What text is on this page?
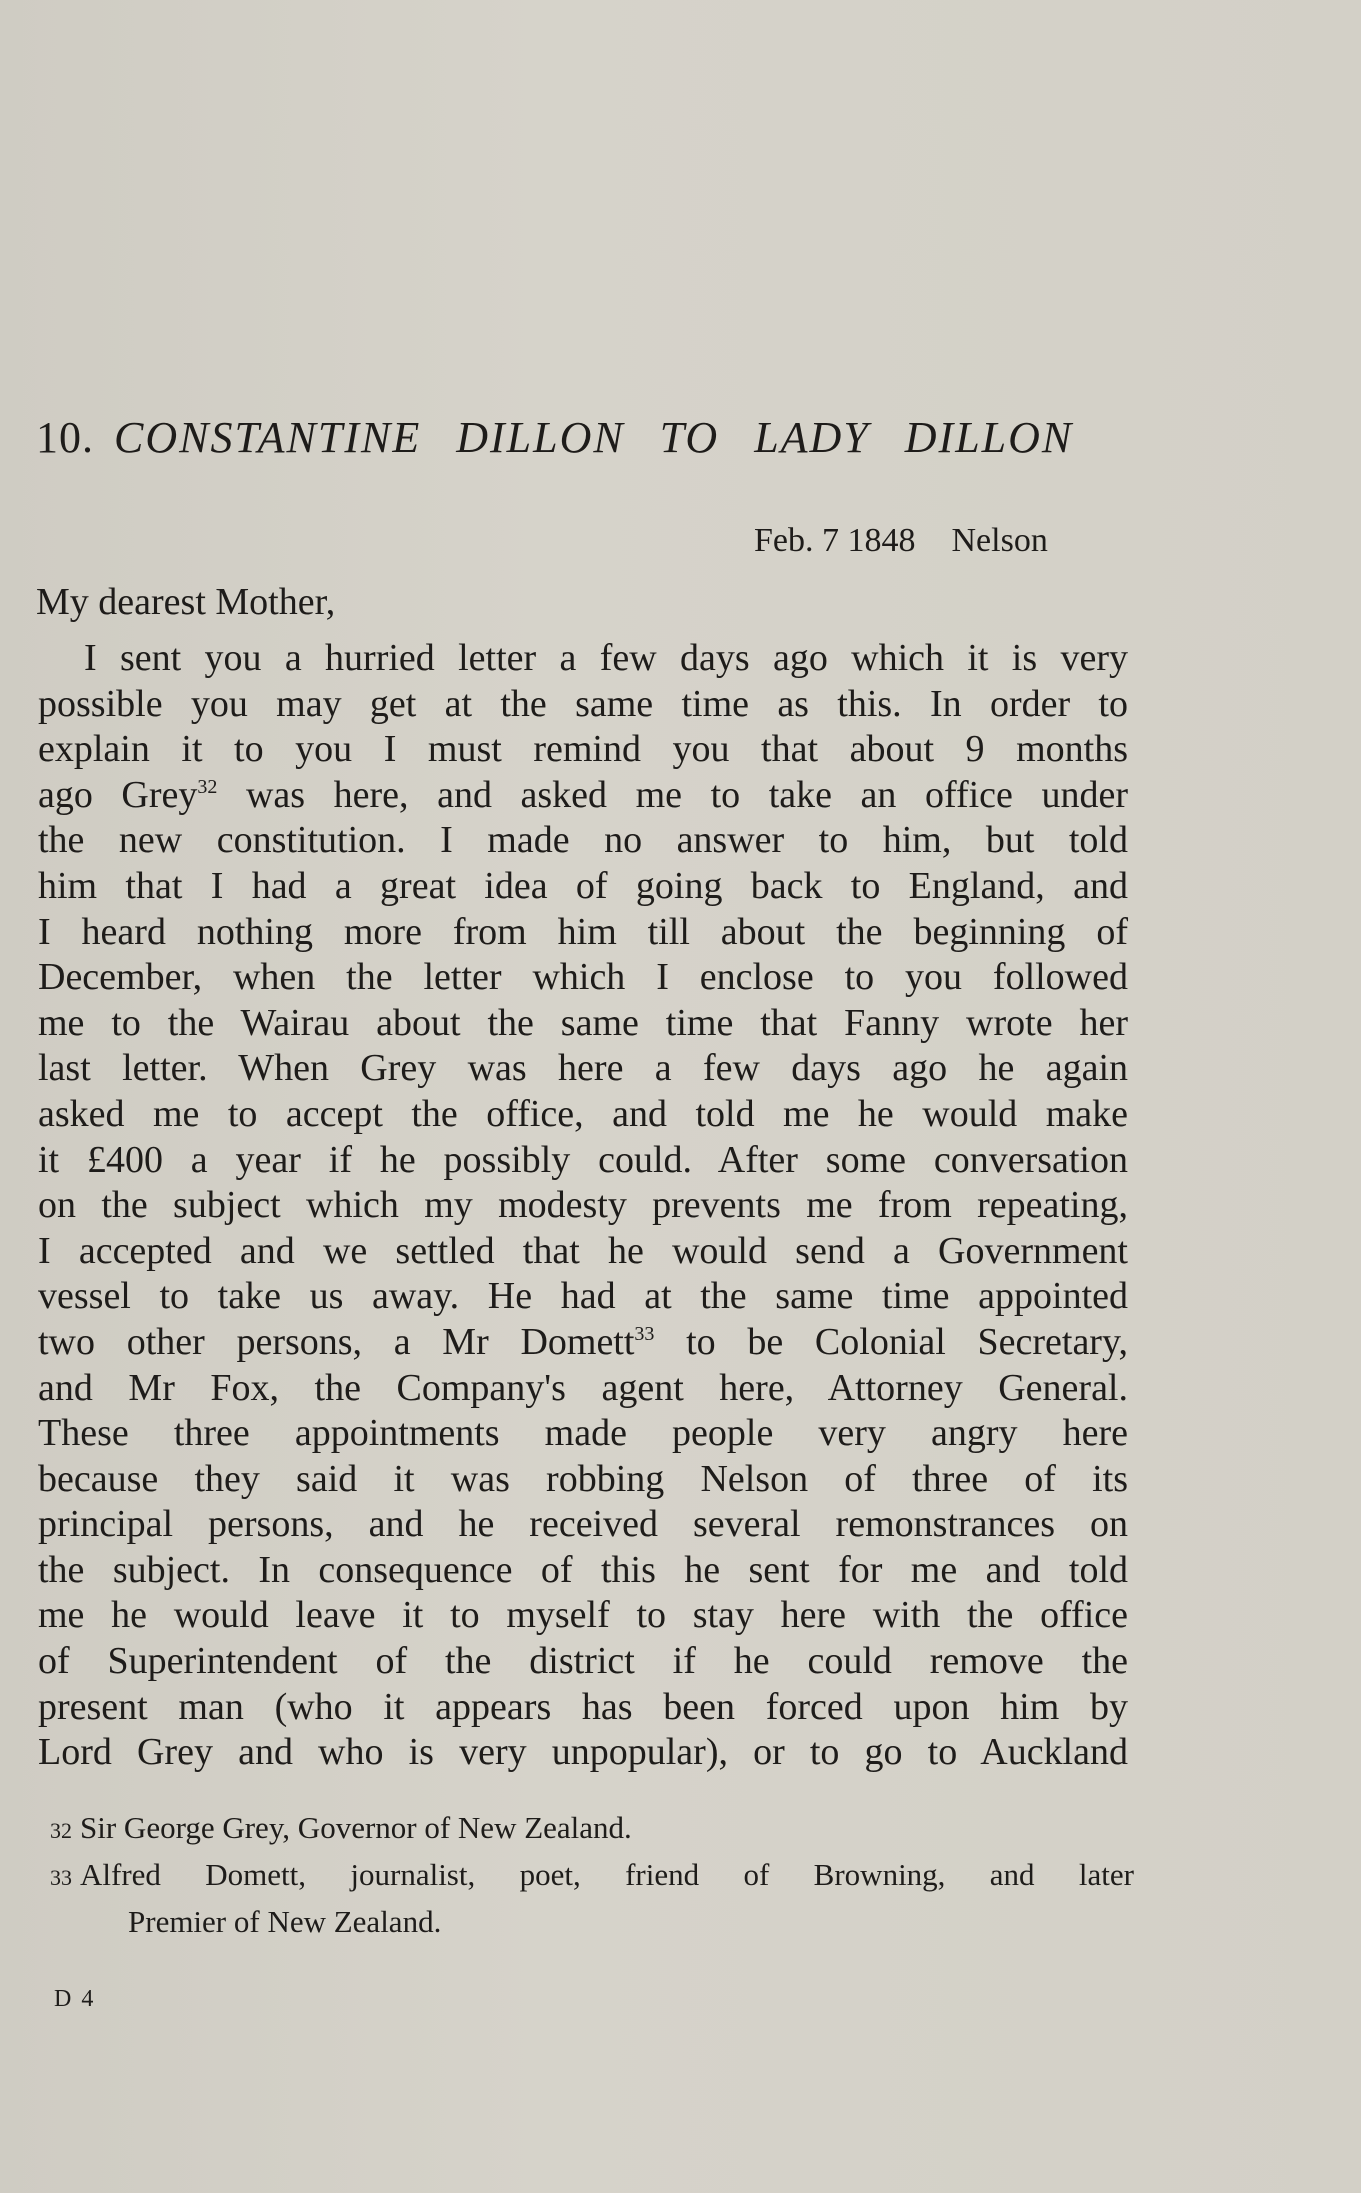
10. CONSTANTINE DILLON TO LADY DILLON
Feb. 7 1848 Nelson
My dearest Mother,
I sent you a hurried letter a few days ago which it is very
possible you may get at the same time as this. In order to
explain it to you I must remind you that about 9 months
ago Grey$^{32}$ was here, and asked me to take an office under
the new constitution. I made no answer to him, but told
him that I had a great idea of going back to England, and
I heard nothing more from him till about the beginning of
December, when the letter which I enclose to you followed
me to the Wairau about the same time that Fanny wrote her
last letter. When Grey was here a few days ago he again
asked me to accept the office, and told me he would make
it £400 a year if he possibly could. After some conversation
on the subject which my modesty prevents me from repeating,
I accepted and we settled that he would send a Government
vessel to take us away. He had at the same time appointed
two other persons, a Mr Domett$^{33}$ to be Colonial Secretary,
and Mr Fox, the Company's agent here, Attorney General.
These three appointments made people very angry here
because they said it was robbing Nelson of three of its
principal persons, and he received several remonstrances on
the subject. In consequence of this he sent for me and told
me he would leave it to myself to stay here with the office
of Superintendent of the district if he could remove the
present man (who it appears has been forced upon him by
Lord Grey and who is very unpopular), or to go to Auckland
32 Sir George Grey, Governor of New Zealand.
33 Alfred Domett, journalist, poet, friend of Browning, and later
Premier of New Zealand.
D 4
